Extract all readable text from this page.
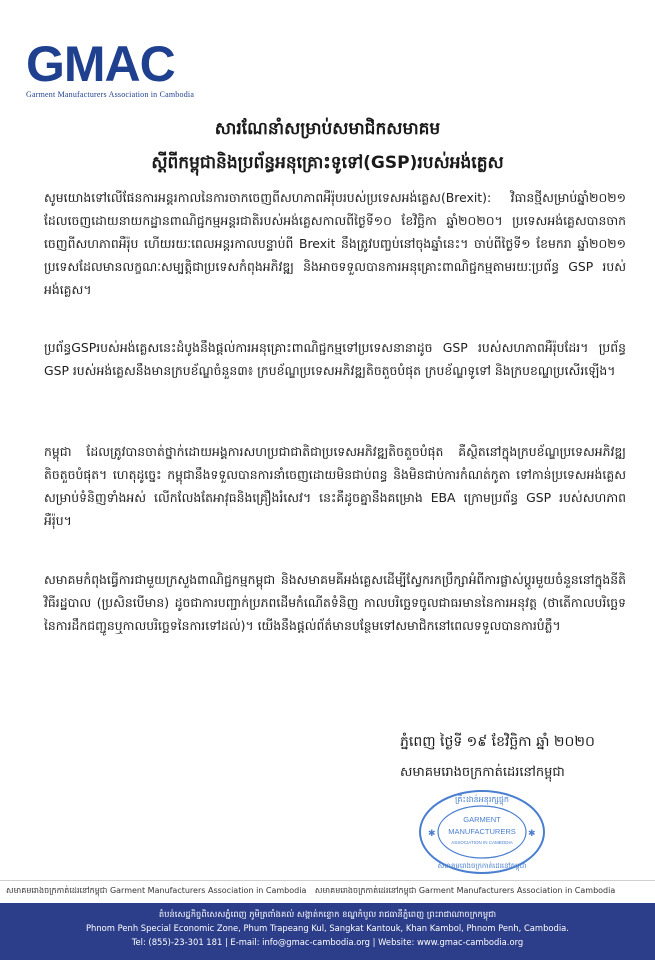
GMAC
Garment Manufacturers Association in Cambodia
សារណែនាំសម្រាប់សមាជិកសមាគម
ស្តីពីកម្ពុជានិងប្រព័ន្ធអនុគ្រោះទូទៅ(GSP)របស់អង់គ្លេស

សូមយោងទៅលើផែនការអន្តរកាលនៃការចាកចេញពីសហភាពអឺរ៉ុបរបស់ប្រទេសអង់គ្លេស(Brexit): វិធានថ្មីសម្រាប់ឆ្នាំ២០២១ ដែលចេញដោយនាយកដ្ឋានពាណិជ្ជកម្មអន្តរជាតិរបស់អង់គ្លេសកាលពីថ្ងៃទី១០ ខែវិច្ឆិកា ឆ្នាំ២០២០។ ប្រទេសអង់គ្លេសបានចាកចេញពីសហភាពអឺរ៉ុប ហើយរយៈពេលអន្តរកាលបន្ទាប់ពី Brexit នឹងត្រូវបញ្ចប់នៅចុងឆ្នាំនេះ។ ចាប់ពីថ្ងៃទី១ ខែមករា ឆ្នាំ២០២១ ប្រទេសដែលមានលក្ខណៈសម្បត្តិជាប្រទេសកំពុងអភិវឌ្ឍ និងអាចទទួលបានការអនុគ្រោះពាណិជ្ជកម្មតាមរយៈប្រព័ន្ធ GSP របស់អង់គ្លេស។

ប្រព័ន្ធGSPរបស់អង់គ្លេសនេះដំបូងនឹងផ្តល់ការអនុគ្រោះពាណិជ្ជកម្មទៅប្រទេសនានាដូច GSP របស់សហភាពអឺរ៉ុបដែរ។ ប្រព័ន្ធ GSP របស់អង់គ្លេសនឹងមានក្របខ័ណ្ឌចំនួន៣៖ ក្របខ័ណ្ឌប្រទេសអភិវឌ្ឍតិចតួចបំផុត ក្របខ័ណ្ឌទូទៅ និងក្របខណ្ឌប្រសើរឡើង។

កម្ពុជា ដែលត្រូវបានចាត់ថ្នាក់ដោយអង្គការសហប្រជាជាតិជាប្រទេសអភិវឌ្ឍតិចតួចបំផុត គឺស្ថិតនៅក្នុងក្របខ័ណ្ឌប្រទេសអភិវឌ្ឍតិចតួចបំផុត។ ហេតុដូច្នេះ កម្ពុជានឹងទទួលបានការនាំចេញដោយមិនជាប់ពន្ធ និងមិនជាប់ការកំណត់កូតា ទៅកាន់ប្រទេសអង់គ្លេសសម្រាប់ទំនិញទាំងអស់ លើកលែងតែអាវុធនិងគ្រឿងរំសេវ។ នេះគឺដូចគ្នានឹងគម្រោង EBA ក្រោមប្រព័ន្ធ GSP របស់សហភាពអឺរ៉ុប។

សមាគមកំពុងធ្វើការជាមួយក្រសួងពាណិជ្ជកម្មកម្ពុជា និងសមាគមគីអង់គ្លេសដើម្បីស្វែករកប្រឹក្សាអំពីការផ្លាស់ប្តូរមួយចំនួននៅក្នុងនីតិវិធីរដ្ឋបាល (ប្រសិនបើមាន) ដូចជាការបញ្ជាក់ប្រភពដើមកំណើតទំនិញ កាលបរិច្ឆេទចូលជាធរមាននៃការអនុវត្ត (ថាតើកាលបរិច្ឆេទនៃការដឹកជញ្ជូនឬកាលបរិច្ឆេទនៃការទៅដល់)។ យើងនឹងផ្តល់ព័ត៌មានបន្ថែមទៅសមាជិកនៅពេលទទួលបានការបំភ្លឺ។

ភ្នំពេញ ថ្ងៃទី ១៩ ខែវិច្ឆិកា ឆ្នាំ ២០២០
សមាគមរោងចក្រកាត់ដេរនៅកម្ពុជា
គ្រឹះដាន់អនុរក្សផ្ទុក
GARMENT
MANUFACTURERS
ASSOCIATION IN CAMBODIA
សមាគមរោងចក្រកាត់ដេរនៅកម្ពុជា
✱	✱
សមាគមរោងចក្រកាត់ដេរនៅកម្ពុជា Garment Manufacturers Association in Cambodia សមាគមរោងចក្រកាត់ដេរនៅកម្ពុជា Garment Manufacturers Association in Cambodia
តំបន់សេដ្ឋកិច្ចពិសេសភ្នំពេញ ភូមិត្រពាំងគល់ សង្កាត់កន្ទោក ខណ្ឌកំបូល រាជធានីភ្នំពេញ ព្រះរាជាណាចក្រកម្ពុជា
Phnom Penh Special Economic Zone, Phum Trapeang Kul, Sangkat Kantouk, Khan Kambol, Phnom Penh, Cambodia.
Tel: (855)-23-301 181 | E-mail: info@gmac-cambodia.org | Website: www.gmac-cambodia.org
